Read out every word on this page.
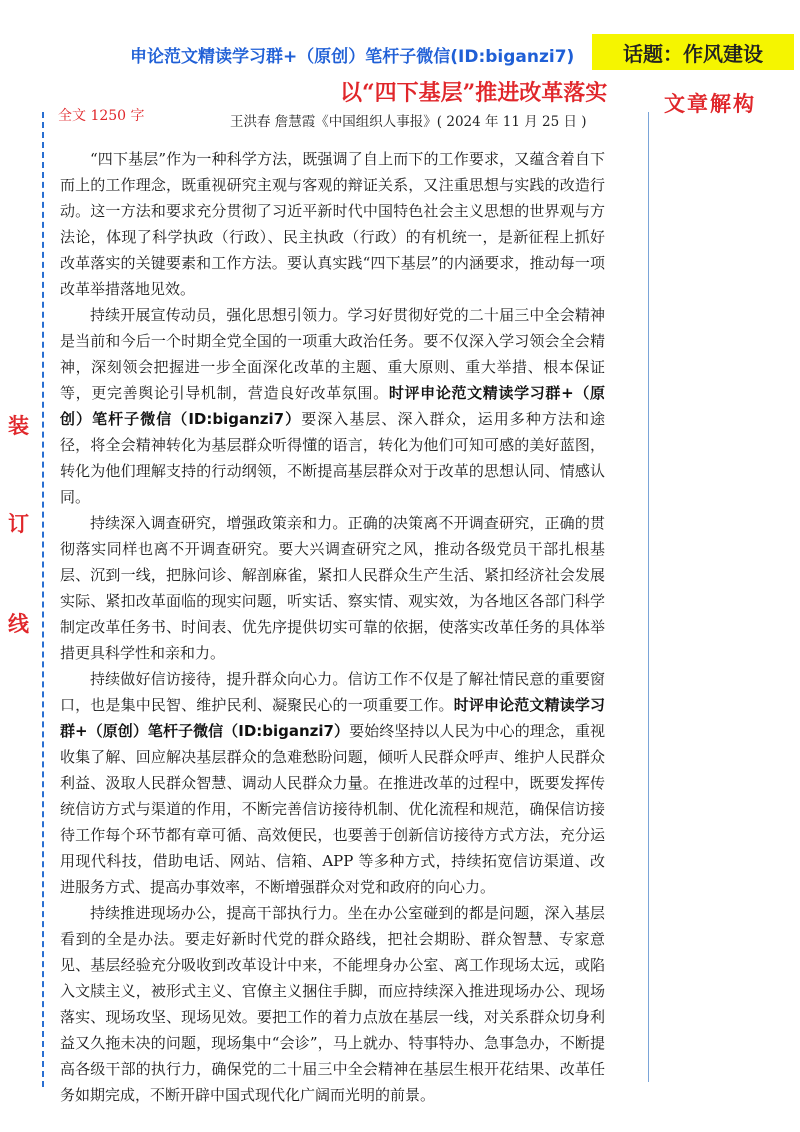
申论范文精读学习群+（原创）笔杆子微信(ID:biganzi7)	话题：作风建设
以“四下基层”推进改革落实	文章解构
全文 1250 字	王洪春 詹慧霞《中国组织人事报》( 2024 年 11 月 25 日 )
装
订
线

“四下基层”作为一种科学方法，既强调了自上而下的工作要求，又蕴含着自下而上的工作理念，既重视研究主观与客观的辩证关系，又注重思想与实践的改造行动。这一方法和要求充分贯彻了习近平新时代中国特色社会主义思想的世界观与方法论，体现了科学执政（行政）、民主执政（行政）的有机统一，是新征程上抓好改革落实的关键要素和工作方法。要认真实践“四下基层”的内涵要求，推动每一项改革举措落地见效。

持续开展宣传动员，强化思想引领力。学习好贯彻好党的二十届三中全会精神是当前和今后一个时期全党全国的一项重大政治任务。要不仅深入学习领会全会精神，深刻领会把握进一步全面深化改革的主题、重大原则、重大举措、根本保证等，更完善舆论引导机制，营造良好改革氛围。时评申论范文精读学习群+（原创）笔杆子微信（ID:biganzi7）要深入基层、深入群众，运用多种方法和途径，将全会精神转化为基层群众听得懂的语言，转化为他们可知可感的美好蓝图，转化为他们理解支持的行动纲领，不断提高基层群众对于改革的思想认同、情感认同。

持续深入调查研究，增强政策亲和力。正确的决策离不开调查研究，正确的贯彻落实同样也离不开调查研究。要大兴调查研究之风，推动各级党员干部扎根基层、沉到一线，把脉问诊、解剖麻雀，紧扣人民群众生产生活、紧扣经济社会发展实际、紧扣改革面临的现实问题，听实话、察实情、观实效，为各地区各部门科学制定改革任务书、时间表、优先序提供切实可靠的依据，使落实改革任务的具体举措更具科学性和亲和力。

持续做好信访接待，提升群众向心力。信访工作不仅是了解社情民意的重要窗口，也是集中民智、维护民利、凝聚民心的一项重要工作。时评申论范文精读学习群+（原创）笔杆子微信（ID:biganzi7）要始终坚持以人民为中心的理念，重视收集了解、回应解决基层群众的急难愁盼问题，倾听人民群众呼声、维护人民群众利益、汲取人民群众智慧、调动人民群众力量。在推进改革的过程中，既要发挥传统信访方式与渠道的作用，不断完善信访接待机制、优化流程和规范，确保信访接待工作每个环节都有章可循、高效便民，也要善于创新信访接待方式方法，充分运用现代科技，借助电话、网站、信箱、APP 等多种方式，持续拓宽信访渠道、改进服务方式、提高办事效率，不断增强群众对党和政府的向心力。

持续推进现场办公，提高干部执行力。坐在办公室碰到的都是问题，深入基层看到的全是办法。要走好新时代党的群众路线，把社会期盼、群众智慧、专家意见、基层经验充分吸收到改革设计中来，不能埋身办公室、离工作现场太远，或陷入文牍主义，被形式主义、官僚主义捆住手脚，而应持续深入推进现场办公、现场落实、现场攻坚、现场见效。要把工作的着力点放在基层一线，对关系群众切身利益又久拖未决的问题，现场集中“会诊”，马上就办、特事特办、急事急办，不断提高各级干部的执行力，确保党的二十届三中全会精神在基层生根开花结果、改革任务如期完成，不断开辟中国式现代化广阔而光明的前景。
